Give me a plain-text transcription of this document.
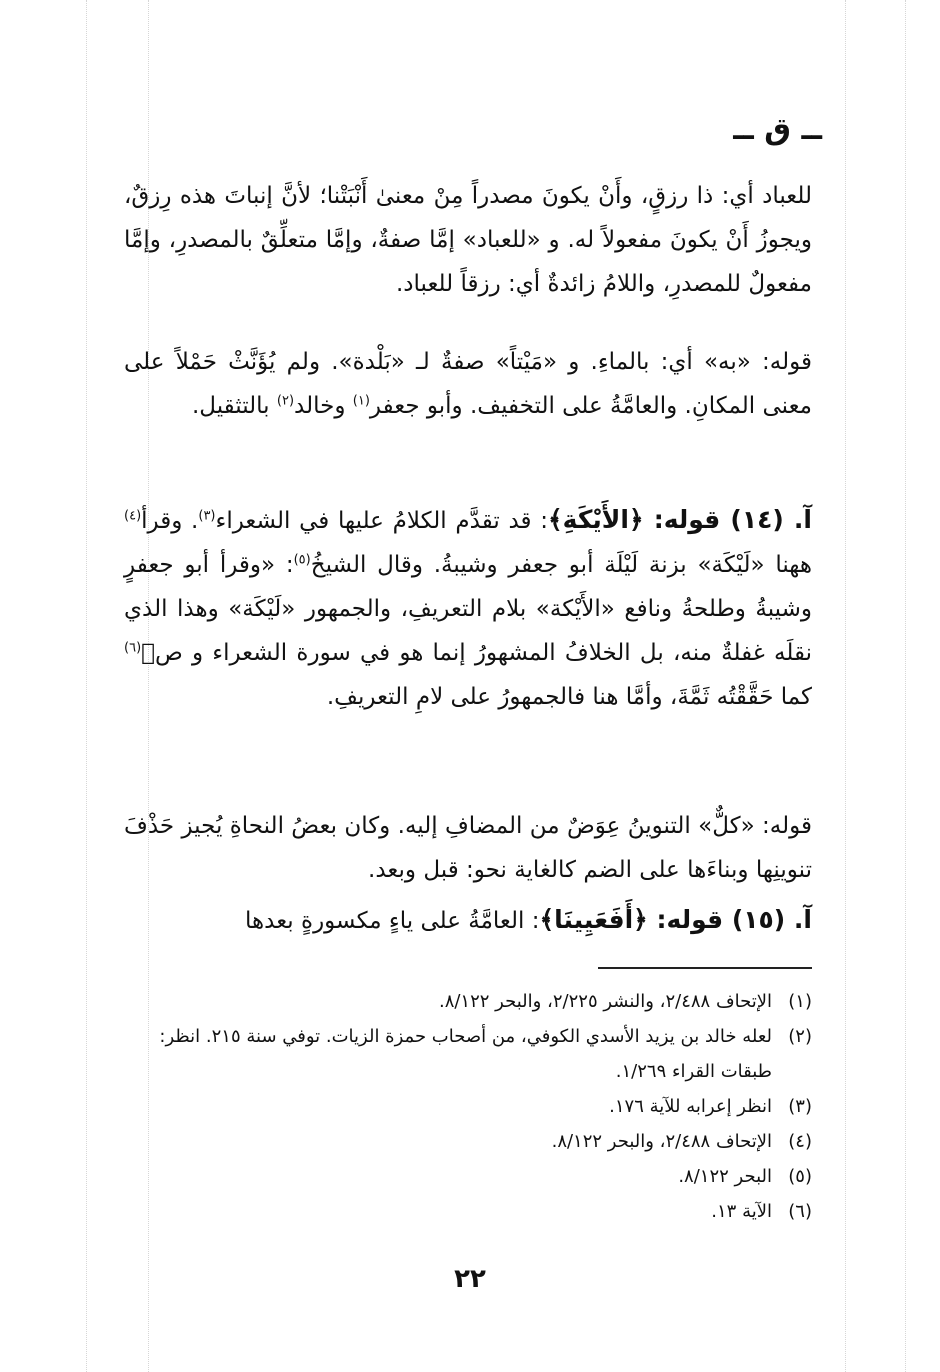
ــ ق ــ

للعباد أي: ذا رزقٍ، وأَنْ يكونَ مصدراً مِنْ معنىٰ أَنْبَتْنا؛ لأنَّ إنباتَ هذه رِزقٌ، ويجوزُ أَنْ يكونَ مفعولاً له. و «للعباد» إمَّا صفةٌ، وإمَّا متعلِّقٌ بالمصدرِ، وإمَّا مفعولٌ للمصدرِ، واللامُ زائدةٌ أي: رزقاً للعباد.

قوله: «به» أي: بالماءِ. و «مَيْتاً» صفةٌ لـ «بَلْدة». ولم يُؤَنَّثْ حَمْلاً على معنى المكانِ. والعامَّةُ على التخفيف. وأبو جعفر$^{(١)}$ وخالد$^{(٢)}$ بالتثقيل.

آ. (١٤) قوله: ﴿الأَيْكَةِ﴾: قد تقدَّم الكلامُ عليها في الشعراء$^{(٣)}$. وقرأ$^{(٤)}$ ههنا «لَيْكَة» بزنة لَيْلَة أبو جعفر وشيبةُ. وقال الشيخُ$^{(٥)}$: «وقرأ أبو جعفرٍ وشيبةُ وطلحةُ ونافع «الأَيْكة» بلام التعريفِ، والجمهور «لَيْكَة» وهذا الذي نقلَه غفلةٌ منه، بل الخلافُ المشهورُ إنما هو في سورة الشعراء و صۤ$^{(٦)}$ كما حَقَّقْتُه ثَمَّةَ، وأمَّا هنا فالجمهورُ على لامِ التعريفِ.

قوله: «كلٌّ» التنوينُ عِوَضٌ من المضافِ إليه. وكان بعضُ النحاةِ يُجيز حَذْفَ تنوينِها وبناءَها على الضم كالغاية نحو: قبل وبعد.

آ. (١٥) قوله: ﴿أَفَعَيِينَا﴾: العامَّةُ على ياءٍ مكسورةٍ بعدها

(١)
الإتحاف ٢/٤٨٨، والنشر ٢/٢٢٥، والبحر ٨/١٢٢.
(٢)
لعله خالد بن يزيد الأسدي الكوفي، من أصحاب حمزة الزيات. توفي سنة ٢١٥. انظر: طبقات القراء ١/٢٦٩.
(٣)
انظر إعرابه للآية ١٧٦.
(٤)
الإتحاف ٢/٤٨٨، والبحر ٨/١٢٢.
(٥)
البحر ٨/١٢٢.
(٦)
الآية ١٣.
٢٢
